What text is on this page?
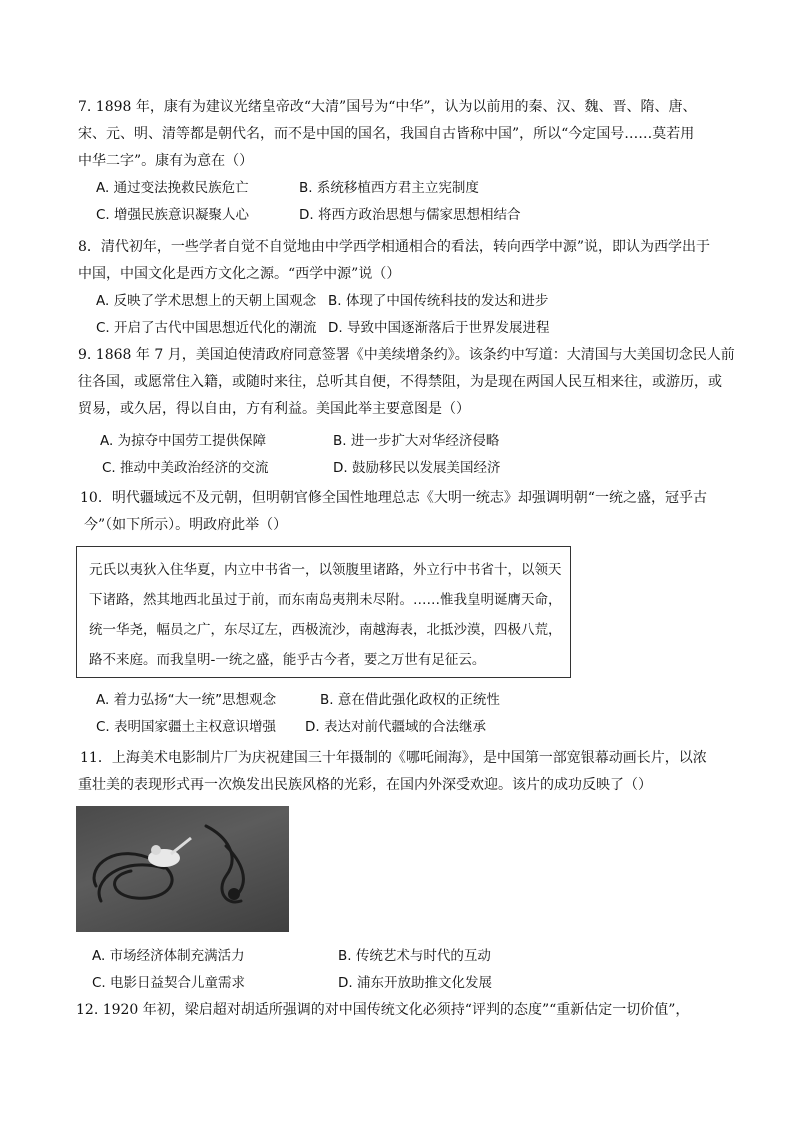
7. 1898 年，康有为建议光绪皇帝改“大清”国号为“中华”，认为以前用的秦、汉、魏、晋、隋、唐、
宋、元、明、清等都是朝代名，而不是中国的国名，我国自古皆称中国”，所以“今定国号……莫若用
中华二字”。康有为意在（）
A. 通过变法挽救民族危亡	B. 系统移植西方君主立宪制度
C. 增强民族意识凝聚人心	D. 将西方政治思想与儒家思想相结合
8．清代初年，一些学者自觉不自觉地由中学西学相通相合的看法，转向西学中源”说，即认为西学出于
中国，中国文化是西方文化之源。“西学中源”说（）
A. 反映了学术思想上的天朝上国观念 B. 体现了中国传统科技的发达和进步
C. 开启了古代中国思想近代化的潮流 D. 导致中国逐渐落后于世界发展进程
9. 1868 年 7 月，美国迫使清政府同意签署《中美续增条约》。该条约中写道：大清国与大美国切念民人前
往各国，或愿常住入籍，或随时来往，总听其自便，不得禁阻，为是现在两国人民互相来往，或游历，或
贸易，或久居，得以自由，方有利益。美国此举主要意图是（）
A. 为掠夺中国劳工提供保障	B. 进一步扩大对华经济侵略
C. 推动中美政治经济的交流	D. 鼓励移民以发展美国经济
10．明代疆域远不及元朝，但明朝官修全国性地理总志《大明一统志》却强调明朝“一统之盛，冠乎古
今”（如下所示）。明政府此举（）
元氏以夷狄入住华夏，内立中书省一，以领腹里诸路，外立行中书省十，以领天
下诸路，然其地西北虽过于前，而东南岛夷荆未尽附。……惟我皇明诞膺天命，
统一华尧，幅员之广，东尽辽左，西极流沙，南越海表，北抵沙漠，四极八荒，
路不来庭。而我皇明-一统之盛，能乎古今者，要之万世有足征云。
A. 着力弘扬“大一统”思想观念	B. 意在借此强化政权的正统性
C. 表明国家疆土主权意识增强 D. 表达对前代疆域的合法继承
11．上海美术电影制片厂为庆祝建国三十年摄制的《哪吒闹海》，是中国第一部宽银幕动画长片，以浓
重壮美的表现形式再一次焕发出民族风格的光彩，在国内外深受欢迎。该片的成功反映了（）
A. 市场经济体制充满活力	B. 传统艺术与时代的互动
C. 电影日益契合儿童需求	D. 浦东开放助推文化发展
12. 1920 年初，梁启超对胡适所强调的对中国传统文化必须持“评判的态度”“重新估定一切价值”，
